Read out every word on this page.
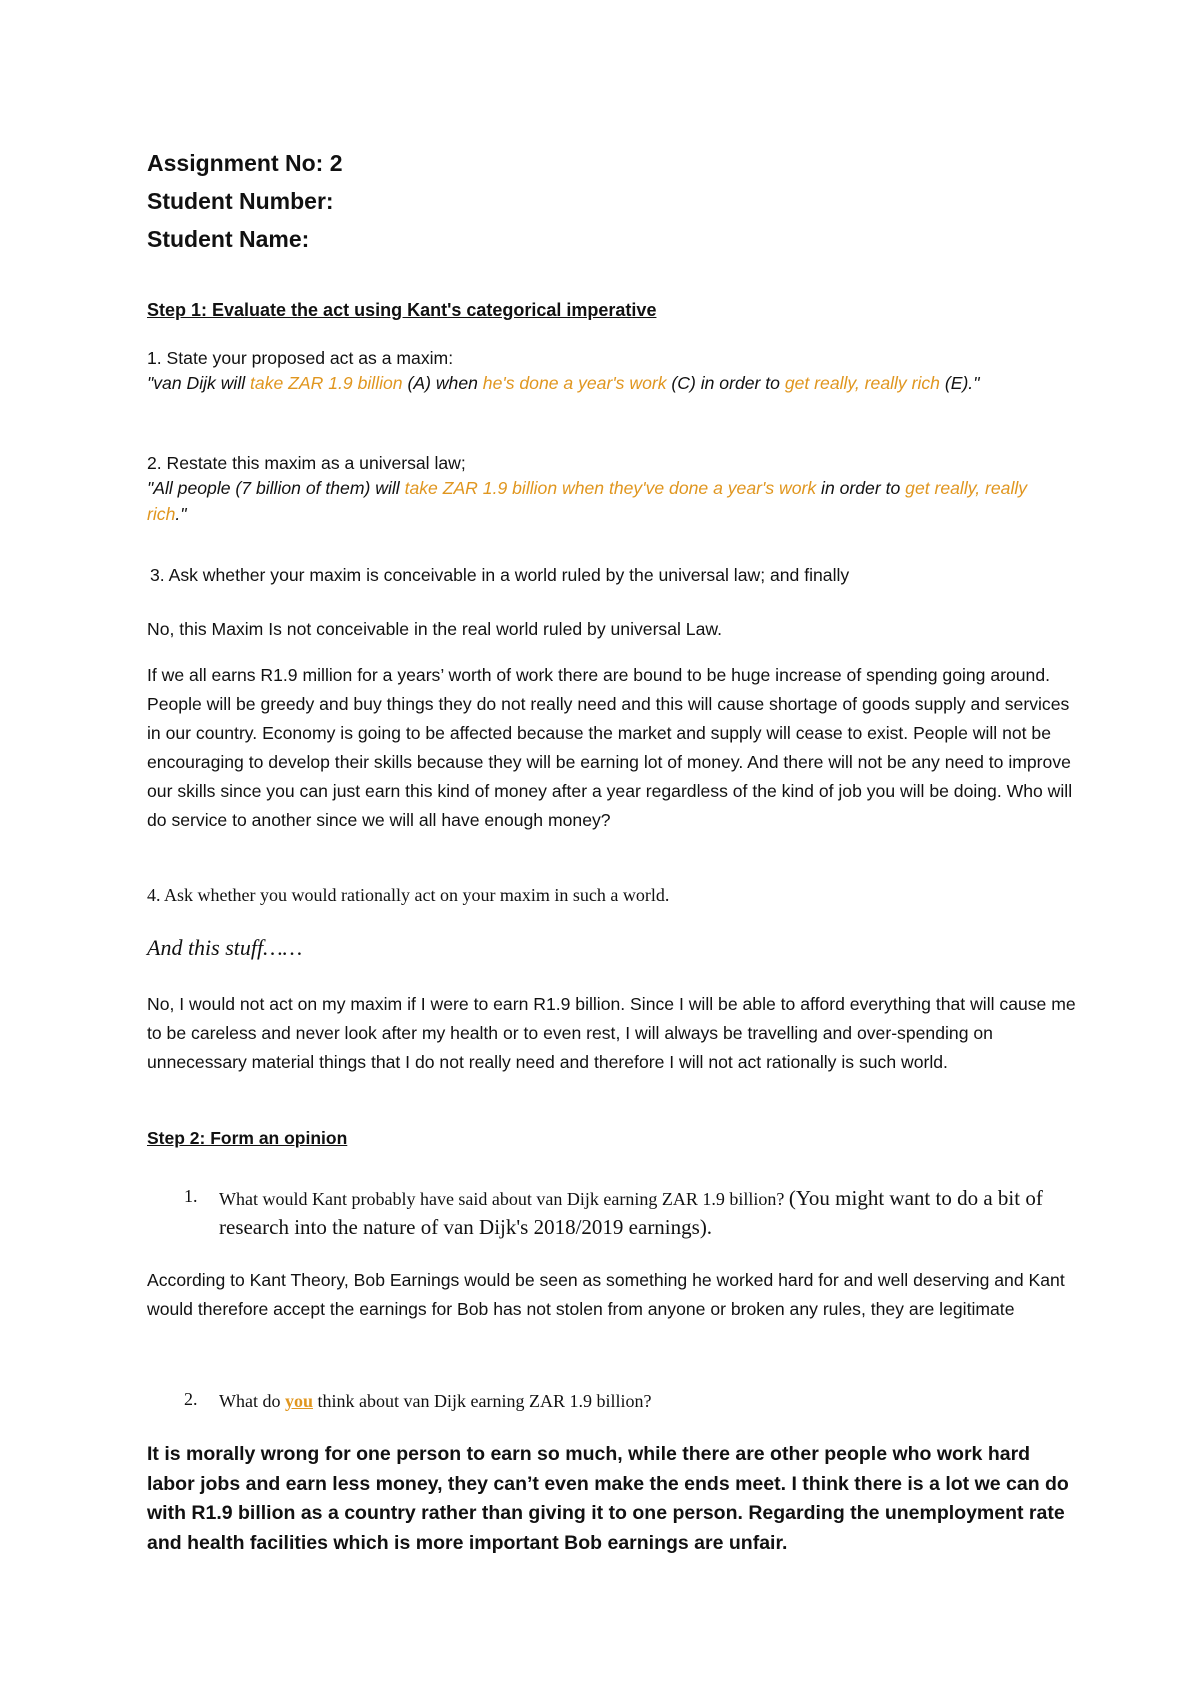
Assignment No: 2
Student Number:
Student Name:
Step 1: Evaluate the act using Kant's categorical imperative
1. State your proposed act as a maxim:
"van Dijk will take ZAR 1.9 billion (A) when he's done a year's work (C) in order to get really, really rich (E)."
2. Restate this maxim as a universal law;
"All people (7 billion of them) will take ZAR 1.9 billion when they've done a year's work in order to get really, really rich."
3. Ask whether your maxim is conceivable in a world ruled by the universal law; and finally
No, this Maxim Is not conceivable in the real world ruled by universal Law.
If we all earns R1.9 million for a years’ worth of work there are bound to be huge increase of spending going around. People will be greedy and buy things they do not really need and this will cause shortage of goods supply and services in our country. Economy is going to be affected because the market and supply will cease to exist. People will not be encouraging to develop their skills because they will be earning lot of money. And there will not be any need to improve our skills since you can just earn this kind of money after a year regardless of the kind of job you will be doing. Who will do service to another since we will all have enough money?
4. Ask whether you would rationally act on your maxim in such a world.
And this stuff……
No, I would not act on my maxim if I were to earn R1.9 billion. Since I will be able to afford everything that will cause me to be careless and never look after my health or to even rest, I will always be travelling and over-spending on unnecessary material things that I do not really need and therefore I will not act rationally is such world.
Step 2: Form an opinion
1. What would Kant probably have said about van Dijk earning ZAR 1.9 billion? (You might want to do a bit of research into the nature of van Dijk's 2018/2019 earnings).
According to Kant Theory, Bob Earnings would be seen as something he worked hard for and well deserving and Kant would therefore accept the earnings for Bob has not stolen from anyone or broken any rules, they are legitimate
2. What do you think about van Dijk earning ZAR 1.9 billion?
It is morally wrong for one person to earn so much, while there are other people who work hard labor jobs and earn less money, they can’t even make the ends meet. I think there is a lot we can do with R1.9 billion as a country rather than giving it to one person. Regarding the unemployment rate and health facilities which is more important Bob earnings are unfair.
